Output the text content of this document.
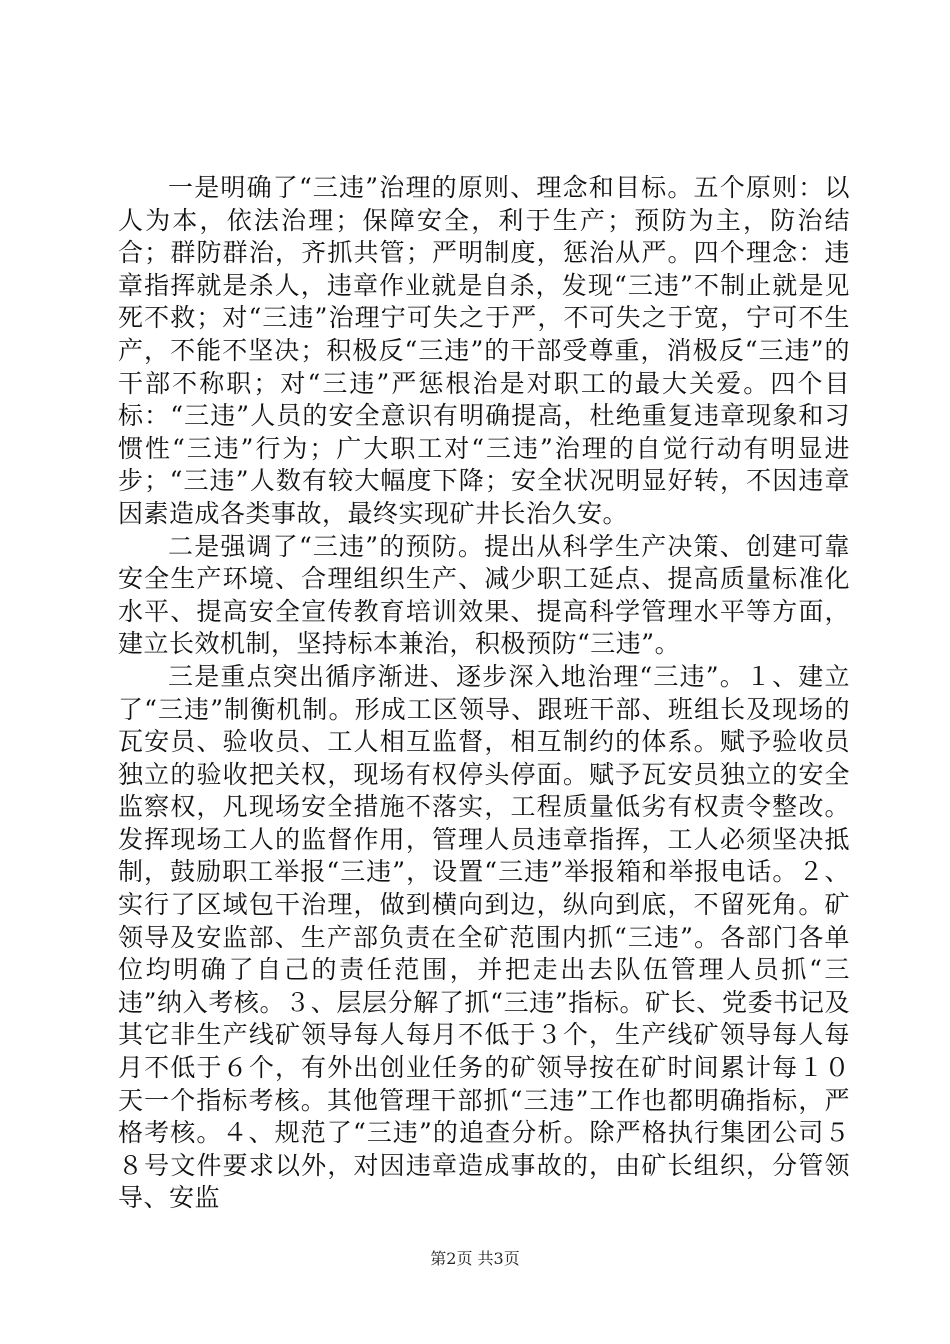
一是明确了“三违”治理的原则、理念和目标。五个原则：以人为本，依法治理；保障安全，利于生产；预防为主，防治结合；群防群治，齐抓共管；严明制度，惩治从严。四个理念：违章指挥就是杀人，违章作业就是自杀，发现“三违”不制止就是见死不救；对“三违”治理宁可失之于严，不可失之于宽，宁可不生产，不能不坚决；积极反“三违”的干部受尊重，消极反“三违”的干部不称职；对“三违”严惩根治是对职工的最大关爱。四个目标：“三违”人员的安全意识有明确提高，杜绝重复违章现象和习惯性“三违”行为；广大职工对“三违”治理的自觉行动有明显进步；“三违”人数有较大幅度下降；安全状况明显好转，不因违章因素造成各类事故，最终实现矿井长治久安。

二是强调了“三违”的预防。提出从科学生产决策、创建可靠安全生产环境、合理组织生产、减少职工延点、提高质量标准化水平、提高安全宣传教育培训效果、提高科学管理水平等方面，建立长效机制，坚持标本兼治，积极预防“三违”。

三是重点突出循序渐进、逐步深入地治理“三违”。１、建立了“三违”制衡机制。形成工区领导、跟班干部、班组长及现场的瓦安员、验收员、工人相互监督，相互制约的体系。赋予验收员独立的验收把关权，现场有权停头停面。赋予瓦安员独立的安全监察权，凡现场安全措施不落实，工程质量低劣有权责令整改。发挥现场工人的监督作用，管理人员违章指挥，工人必须坚决抵制，鼓励职工举报“三违”，设置“三违”举报箱和举报电话。２、实行了区域包干治理，做到横向到边，纵向到底，不留死角。矿领导及安监部、生产部负责在全矿范围内抓“三违”。各部门各单位均明确了自己的责任范围，并把走出去队伍管理人员抓“三违”纳入考核。３、层层分解了抓“三违”指标。矿长、党委书记及其它非生产线矿领导每人每月不低于３个，生产线矿领导每人每月不低于６个，有外出创业任务的矿领导按在矿时间累计每１０天一个指标考核。其他管理干部抓“三违”工作也都明确指标，严格考核。４、规范了“三违”的追查分析。除严格执行集团公司５８号文件要求以外，对因违章造成事故的，由矿长组织，分管领导、安监

第2页 共3页
